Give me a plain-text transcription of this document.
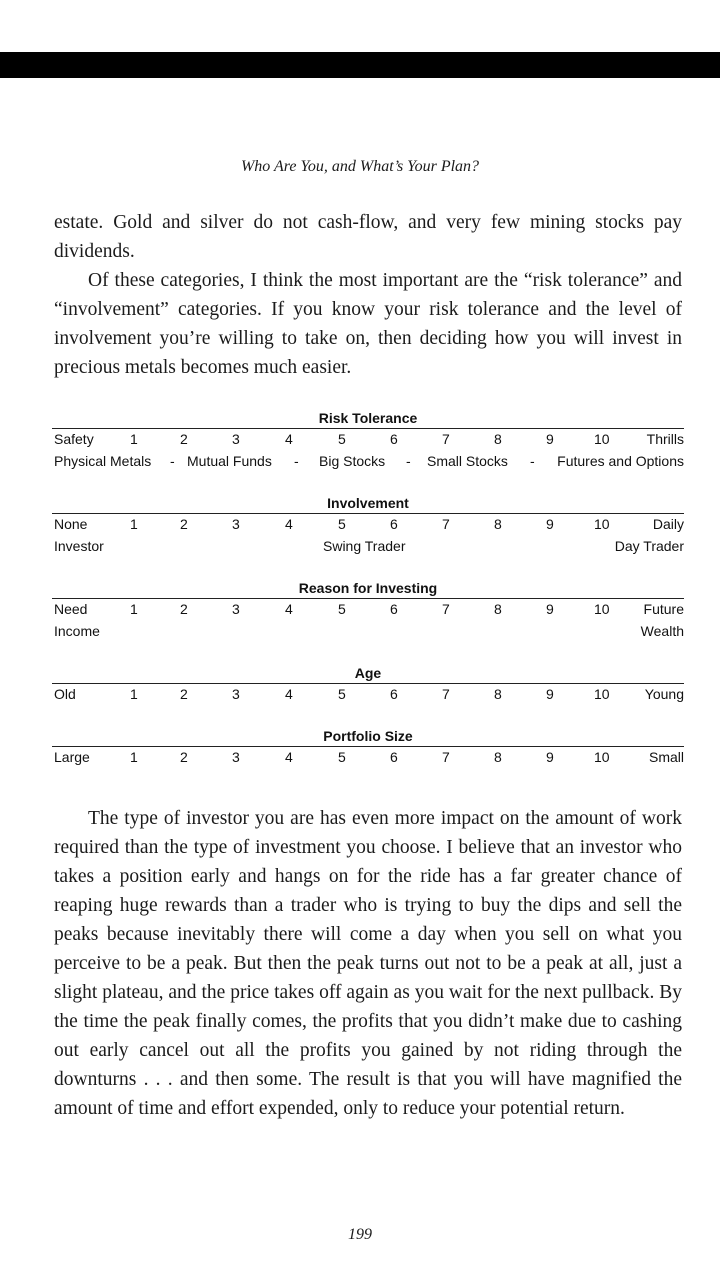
Who Are You, and What’s Your Plan?

estate. Gold and silver do not cash-flow, and very few mining stocks pay dividends.

Of these categories, I think the most important are the “risk tolerance” and “involvement” categories. If you know your risk tolerance and the level of involvement you’re willing to take on, then deciding how you will invest in precious metals becomes much easier.

Risk Tolerance
Safety	1	2	3	4	5	6	7	8	9	10	Thrills
Physical Metals - Mutual Funds - Big Stocks - Small Stocks - Futures and Options
Involvement
None	1	2	3	4	5	6	7	8	9	10	Daily
Investor	Swing Trader	Day Trader
Reason for Investing
Need	1	2	3	4	5	6	7	8	9	10 Future
Income	Wealth
Age
Old	1	2	3	4	5	6	7	8	9	10	Young
Portfolio Size
Large	1	2	3	4	5	6	7	8	9	10	Small

The type of investor you are has even more impact on the amount of work required than the type of investment you choose. I believe that an investor who takes a position early and hangs on for the ride has a far greater chance of reaping huge rewards than a trader who is trying to buy the dips and sell the peaks because inevitably there will come a day when you sell on what you perceive to be a peak. But then the peak turns out not to be a peak at all, just a slight plateau, and the price takes off again as you wait for the next pullback. By the time the peak finally comes, the profits that you didn’t make due to cashing out early cancel out all the profits you gained by not riding through the downturns . . . and then some. The result is that you will have magnified the amount of time and effort expended, only to reduce your potential return.

199
